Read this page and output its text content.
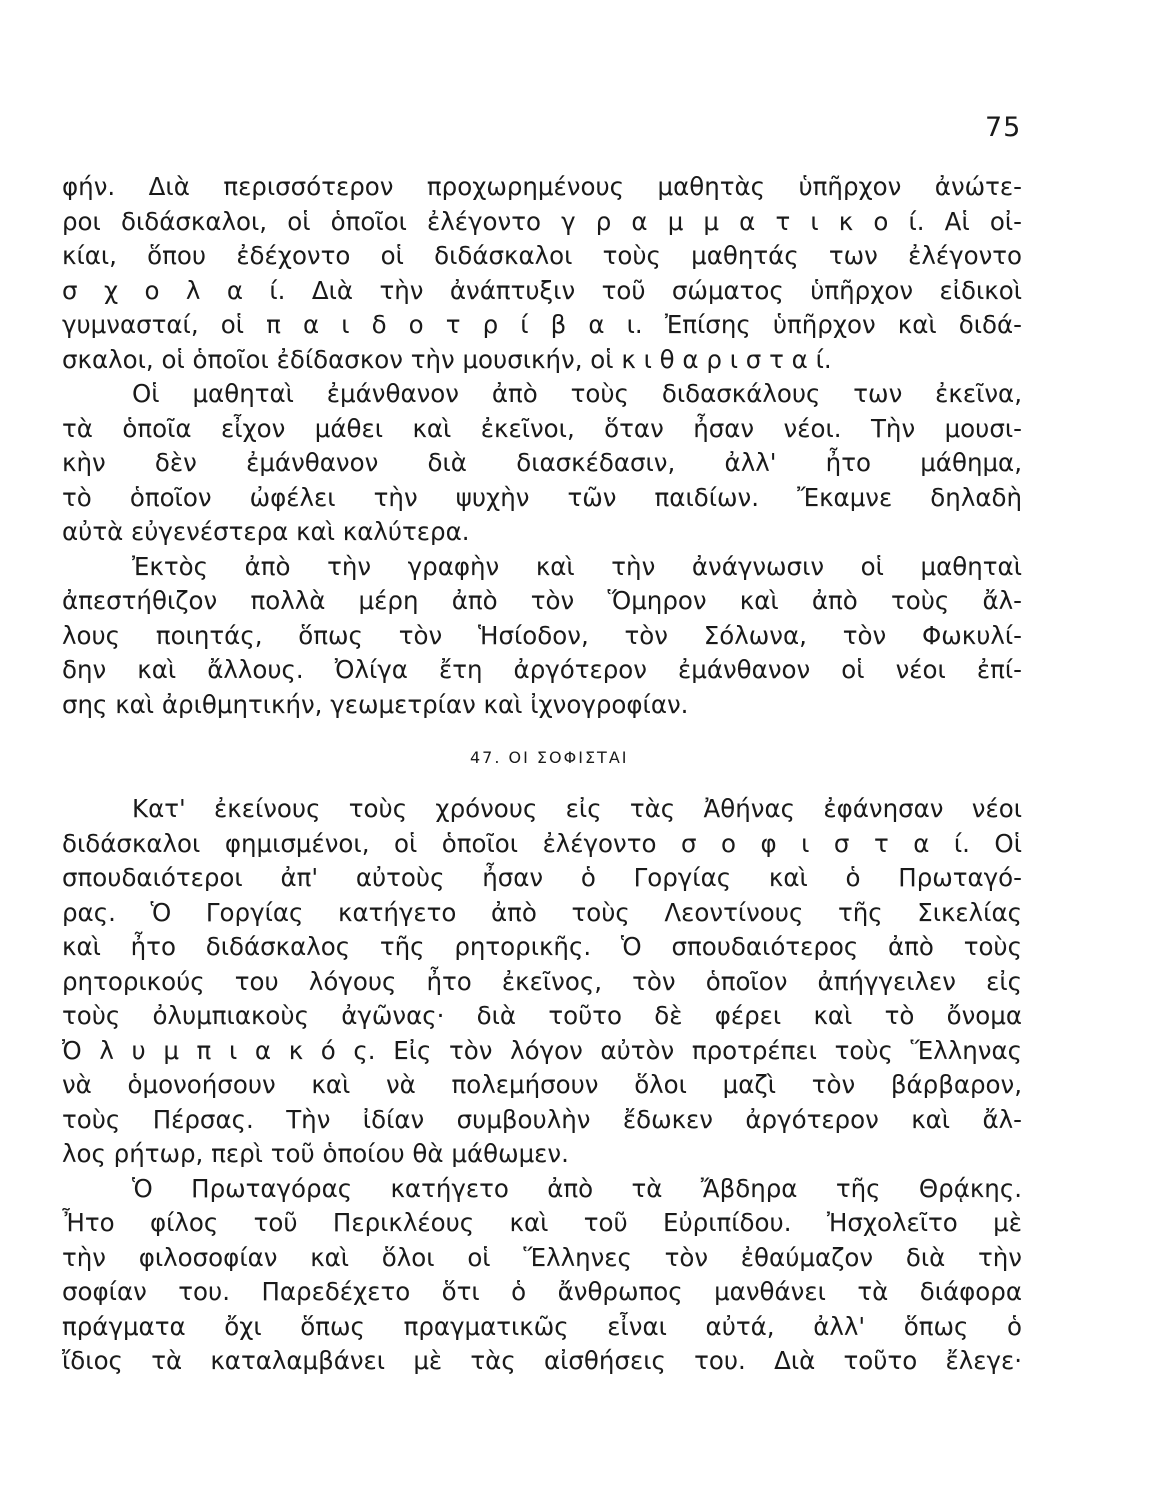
75
φήν. Διὰ περισσότερον προχωρημένους μαθητὰς ὑπῆρχον ἀνώτε-
ροι διδάσκαλοι, οἱ ὁποῖοι ἐλέγοντο γ ρ α μ μ α τ ι κ ο ί. Αἱ οἰ-
κίαι, ὅπου ἐδέχοντο οἱ διδάσκαλοι τοὺς μαθητάς των ἐλέγοντο
σ χ ο λ α ί. Διὰ τὴν ἀνάπτυξιν τοῦ σώματος ὑπῆρχον εἰδικοὶ
γυμνασταί, οἱ π α ι δ ο τ ρ ί β α ι. Ἐπίσης ὑπῆρχον καὶ διδά-
σκαλοι, οἱ ὁποῖοι ἐδίδασκον τὴν μουσικήν, οἱ κ ι θ α ρ ι σ τ α ί.
Οἱ μαθηταὶ ἐμάνθανον ἀπὸ τοὺς διδασκάλους των ἐκεῖνα,
τὰ ὁποῖα εἶχον μάθει καὶ ἐκεῖνοι, ὅταν ἦσαν νέοι. Τὴν μουσι-
κὴν δὲν ἐμάνθανον διὰ διασκέδασιν, ἀλλ' ἦτο μάθημα,
τὸ ὁποῖον ὠφέλει τὴν ψυχὴν τῶν παιδίων. Ἔκαμνε δηλαδὴ
αὐτὰ εὐγενέστερα καὶ καλύτερα.
Ἐκτὸς ἀπὸ τὴν γραφὴν καὶ τὴν ἀνάγνωσιν οἱ μαθηταὶ
ἀπεστήθιζον πολλὰ μέρη ἀπὸ τὸν Ὅμηρον καὶ ἀπὸ τοὺς ἄλ-
λους ποιητάς, ὅπως τὸν Ἡσίοδον, τὸν Σόλωνα, τὸν Φωκυλί-
δην καὶ ἄλλους. Ὀλίγα ἔτη ἀργότερον ἐμάνθανον οἱ νέοι ἐπί-
σης καὶ ἀριθμητικήν, γεωμετρίαν καὶ ἰχνογροφίαν.
47. ΟΙ ΣΟΦΙΣΤΑΙ
Κατ' ἐκείνους τοὺς χρόνους εἰς τὰς Ἀθήνας ἐφάνησαν νέοι
διδάσκαλοι φημισμένοι, οἱ ὁποῖοι ἐλέγοντο σ ο φ ι σ τ α ί. Οἱ
σπουδαιότεροι ἀπ' αὐτοὺς ἦσαν ὁ Γοργίας καὶ ὁ Πρωταγό-
ρας. Ὁ Γοργίας κατήγετο ἀπὸ τοὺς Λεοντίνους τῆς Σικελίας
καὶ ἦτο διδάσκαλος τῆς ρητορικῆς. Ὁ σπουδαιότερος ἀπὸ τοὺς
ρητορικούς του λόγους ἦτο ἐκεῖνος, τὸν ὁποῖον ἀπήγγειλεν εἰς
τοὺς ὀλυμπιακοὺς ἀγῶνας· διὰ τοῦτο δὲ φέρει καὶ τὸ ὄνομα
Ὀ λ υ μ π ι α κ ό ς. Εἰς τὸν λόγον αὐτὸν προτρέπει τοὺς Ἕλληνας
νὰ ὁμονοήσουν καὶ νὰ πολεμήσουν ὅλοι μαζὶ τὸν βάρβαρον,
τοὺς Πέρσας. Τὴν ἰδίαν συμβουλὴν ἔδωκεν ἀργότερον καὶ ἄλ-
λος ρήτωρ, περὶ τοῦ ὁποίου θὰ μάθωμεν.
Ὁ Πρωταγόρας κατήγετο ἀπὸ τὰ Ἄβδηρα τῆς Θρᾴκης.
Ἦτο φίλος τοῦ Περικλέους καὶ τοῦ Εὐριπίδου. Ἠσχολεῖτο μὲ
τὴν φιλοσοφίαν καὶ ὅλοι οἱ Ἕλληνες τὸν ἐθαύμαζον διὰ τὴν
σοφίαν του. Παρεδέχετο ὅτι ὁ ἄνθρωπος μανθάνει τὰ διάφορα
πράγματα ὄχι ὅπως πραγματικῶς εἶναι αὐτά, ἀλλ' ὅπως ὁ
ἴδιος τὰ καταλαμβάνει μὲ τὰς αἰσθήσεις του. Διὰ τοῦτο ἔλεγε·
